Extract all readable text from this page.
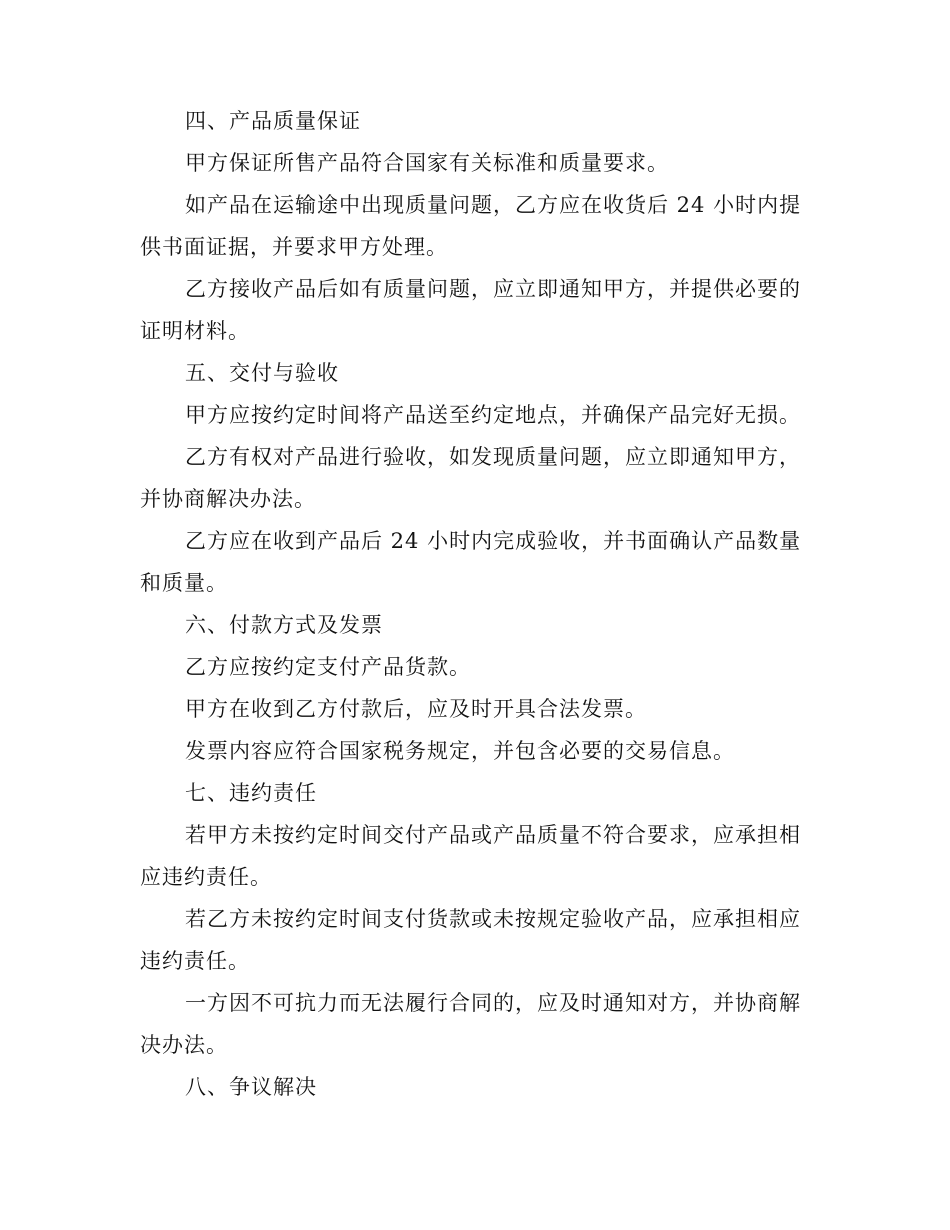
四、产品质量保证

甲方保证所售产品符合国家有关标准和质量要求。

如产品在运输途中出现质量问题，乙方应在收货后 24 小时内提供书面证据，并要求甲方处理。

乙方接收产品后如有质量问题，应立即通知甲方，并提供必要的证明材料。

五、交付与验收

甲方应按约定时间将产品送至约定地点，并确保产品完好无损。

乙方有权对产品进行验收，如发现质量问题，应立即通知甲方，并协商解决办法。

乙方应在收到产品后 24 小时内完成验收，并书面确认产品数量和质量。

六、付款方式及发票

乙方应按约定支付产品货款。

甲方在收到乙方付款后，应及时开具合法发票。

发票内容应符合国家税务规定，并包含必要的交易信息。

七、违约责任

若甲方未按约定时间交付产品或产品质量不符合要求，应承担相应违约责任。

若乙方未按约定时间支付货款或未按规定验收产品，应承担相应违约责任。

一方因不可抗力而无法履行合同的，应及时通知对方，并协商解决办法。

八、争议解决
